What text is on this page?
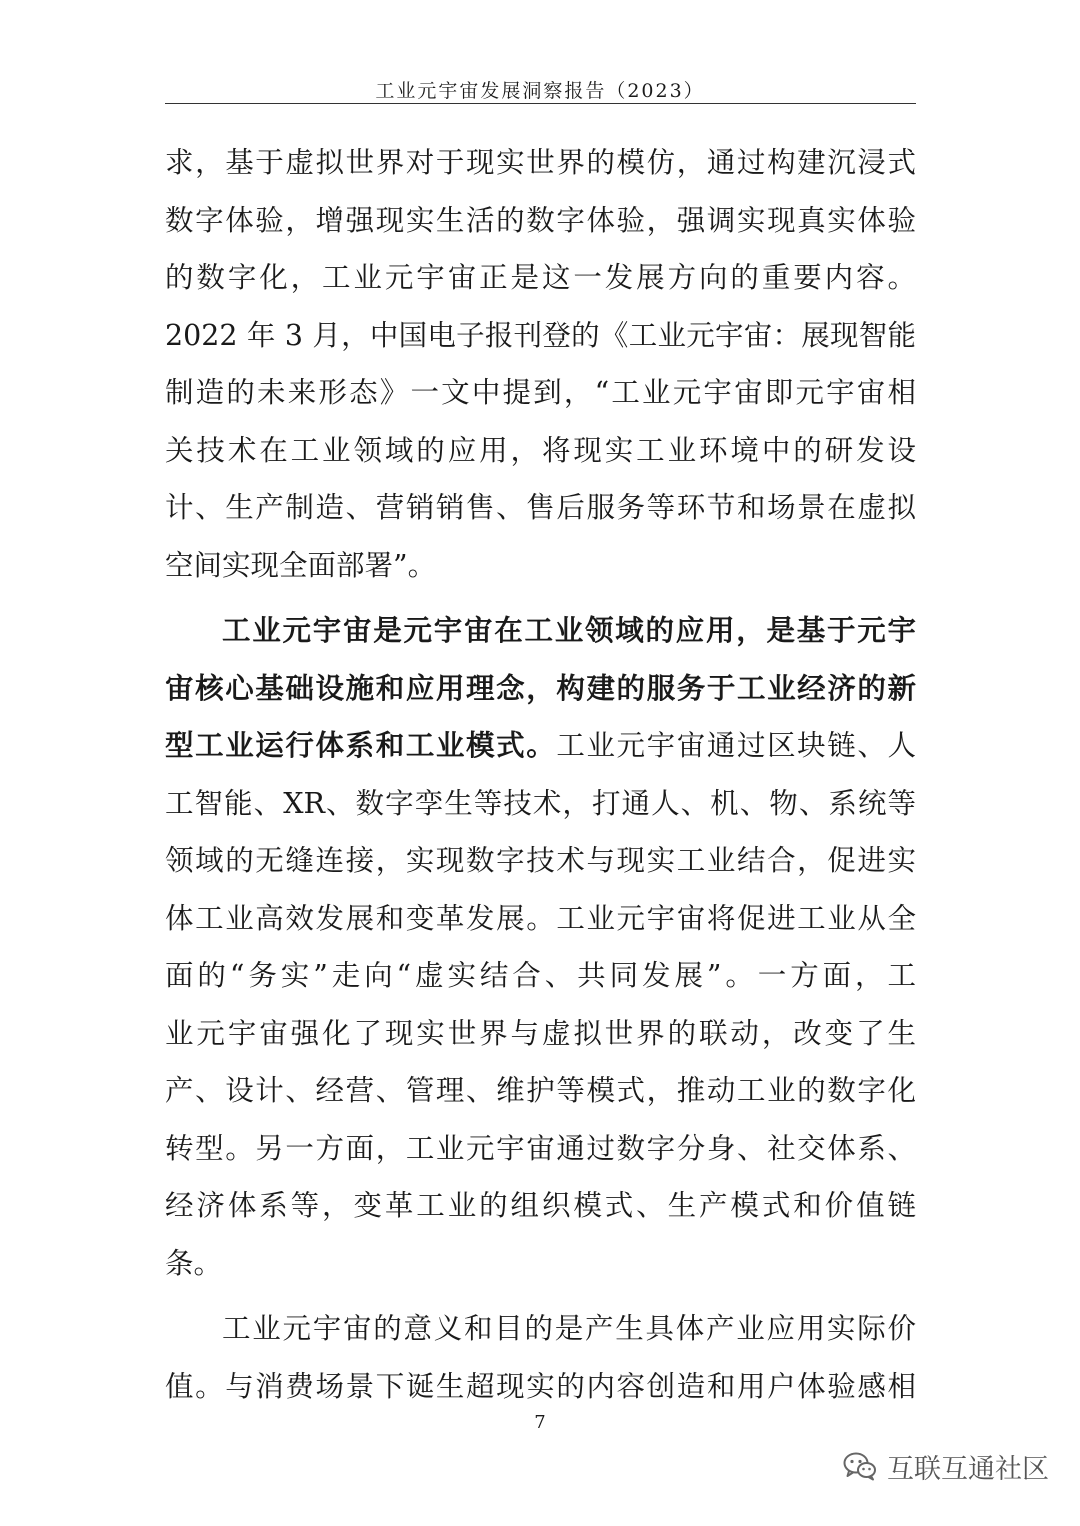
工业元宇宙发展洞察报告（2023）
求，基于虚拟世界对于现实世界的模仿，通过构建沉浸式
数字体验，增强现实生活的数字体验，强调实现真实体验
的数字化，工业元宇宙正是这一发展方向的重要内容。
2022 年 3 月，中国电子报刊登的《工业元宇宙：展现智能
制造的未来形态》一文中提到，“工业元宇宙即元宇宙相
关技术在工业领域的应用，将现实工业环境中的研发设
计、生产制造、营销销售、售后服务等环节和场景在虚拟
空间实现全面部署”。
工业元宇宙是元宇宙在工业领域的应用，是基于元宇
宙核心基础设施和应用理念，构建的服务于工业经济的新
型工业运行体系和工业模式。工业元宇宙通过区块链、人
工智能、XR、数字孪生等技术，打通人、机、物、系统等
领域的无缝连接，实现数字技术与现实工业结合，促进实
体工业高效发展和变革发展。工业元宇宙将促进工业从全
面的“务实”走向“虚实结合、共同发展”。一方面，工
业元宇宙强化了现实世界与虚拟世界的联动，改变了生
产、设计、经营、管理、维护等模式，推动工业的数字化
转型。另一方面，工业元宇宙通过数字分身、社交体系、
经济体系等，变革工业的组织模式、生产模式和价值链
条。
工业元宇宙的意义和目的是产生具体产业应用实际价
值。与消费场景下诞生超现实的内容创造和用户体验感相
7
互联互通社区
